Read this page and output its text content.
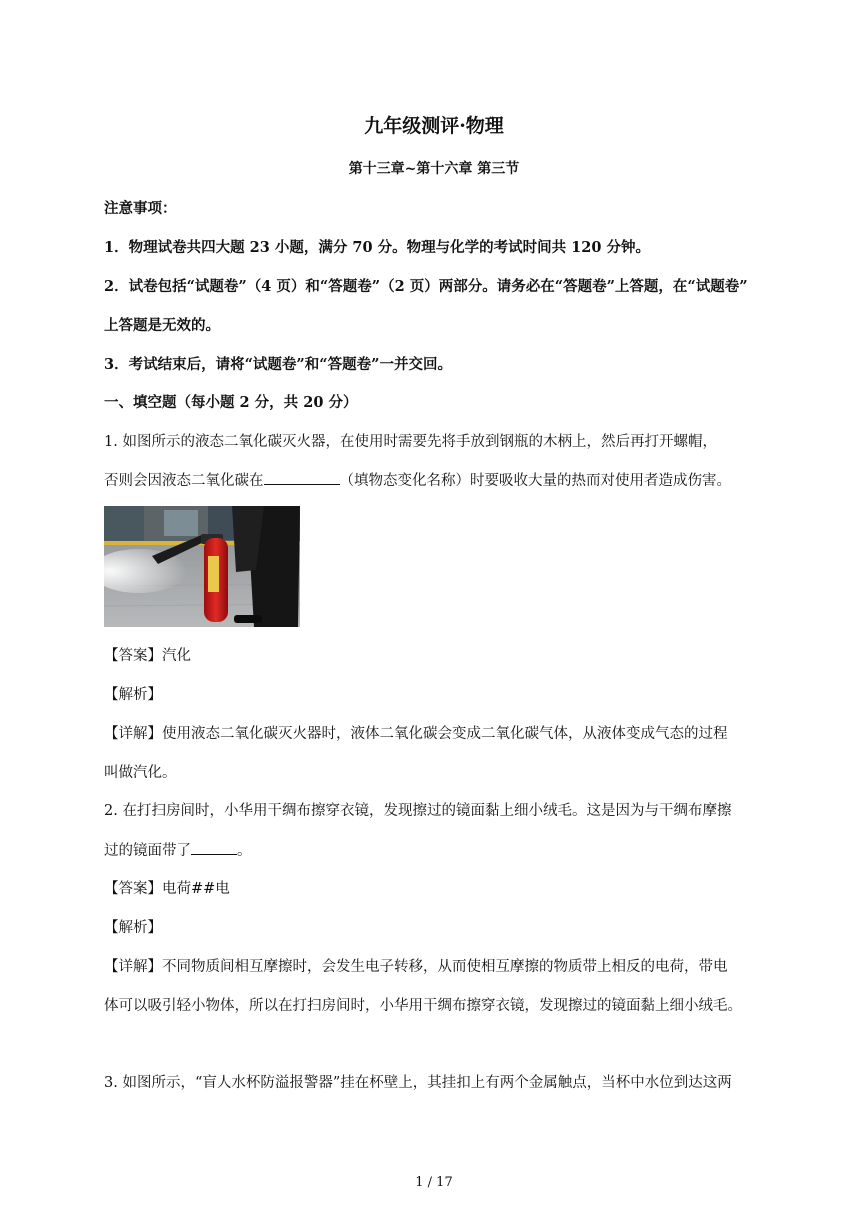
九年级测评·物理
第十三章~第十六章 第三节
注意事项：
1．物理试卷共四大题 23 小题，满分 70 分。物理与化学的考试时间共 120 分钟。
2．试卷包括“试题卷”（4 页）和“答题卷”（2 页）两部分。请务必在“答题卷”上答题，在“试题卷”
上答题是无效的。
3．考试结束后，请将“试题卷”和“答题卷”一并交回。
一、填空题（每小题 2 分，共 20 分）
1. 如图所示的液态二氧化碳灭火器，在使用时需要先将手放到钢瓶的木柄上，然后再打开螺帽，
否则会因液态二氧化碳在	（填物态变化名称）时要吸收大量的热而对使用者造成伤害。
【答案】汽化
【解析】
【详解】使用液态二氧化碳灭火器时，液体二氧化碳会变成二氧化碳气体，从液体变成气态的过程
叫做汽化。
2. 在打扫房间时，小华用干绸布擦穿衣镜，发现擦过的镜面黏上细小绒毛。这是因为与干绸布摩擦
过的镜面带了	。
【答案】电荷##电
【解析】
【详解】不同物质间相互摩擦时，会发生电子转移，从而使相互摩擦的物质带上相反的电荷，带电
体可以吸引轻小物体，所以在打扫房间时，小华用干绸布擦穿衣镜，发现擦过的镜面黏上细小绒毛。
3. 如图所示，“盲人水杯防溢报警器”挂在杯壁上，其挂扣上有两个金属触点，当杯中水位到达这两
1 / 17
